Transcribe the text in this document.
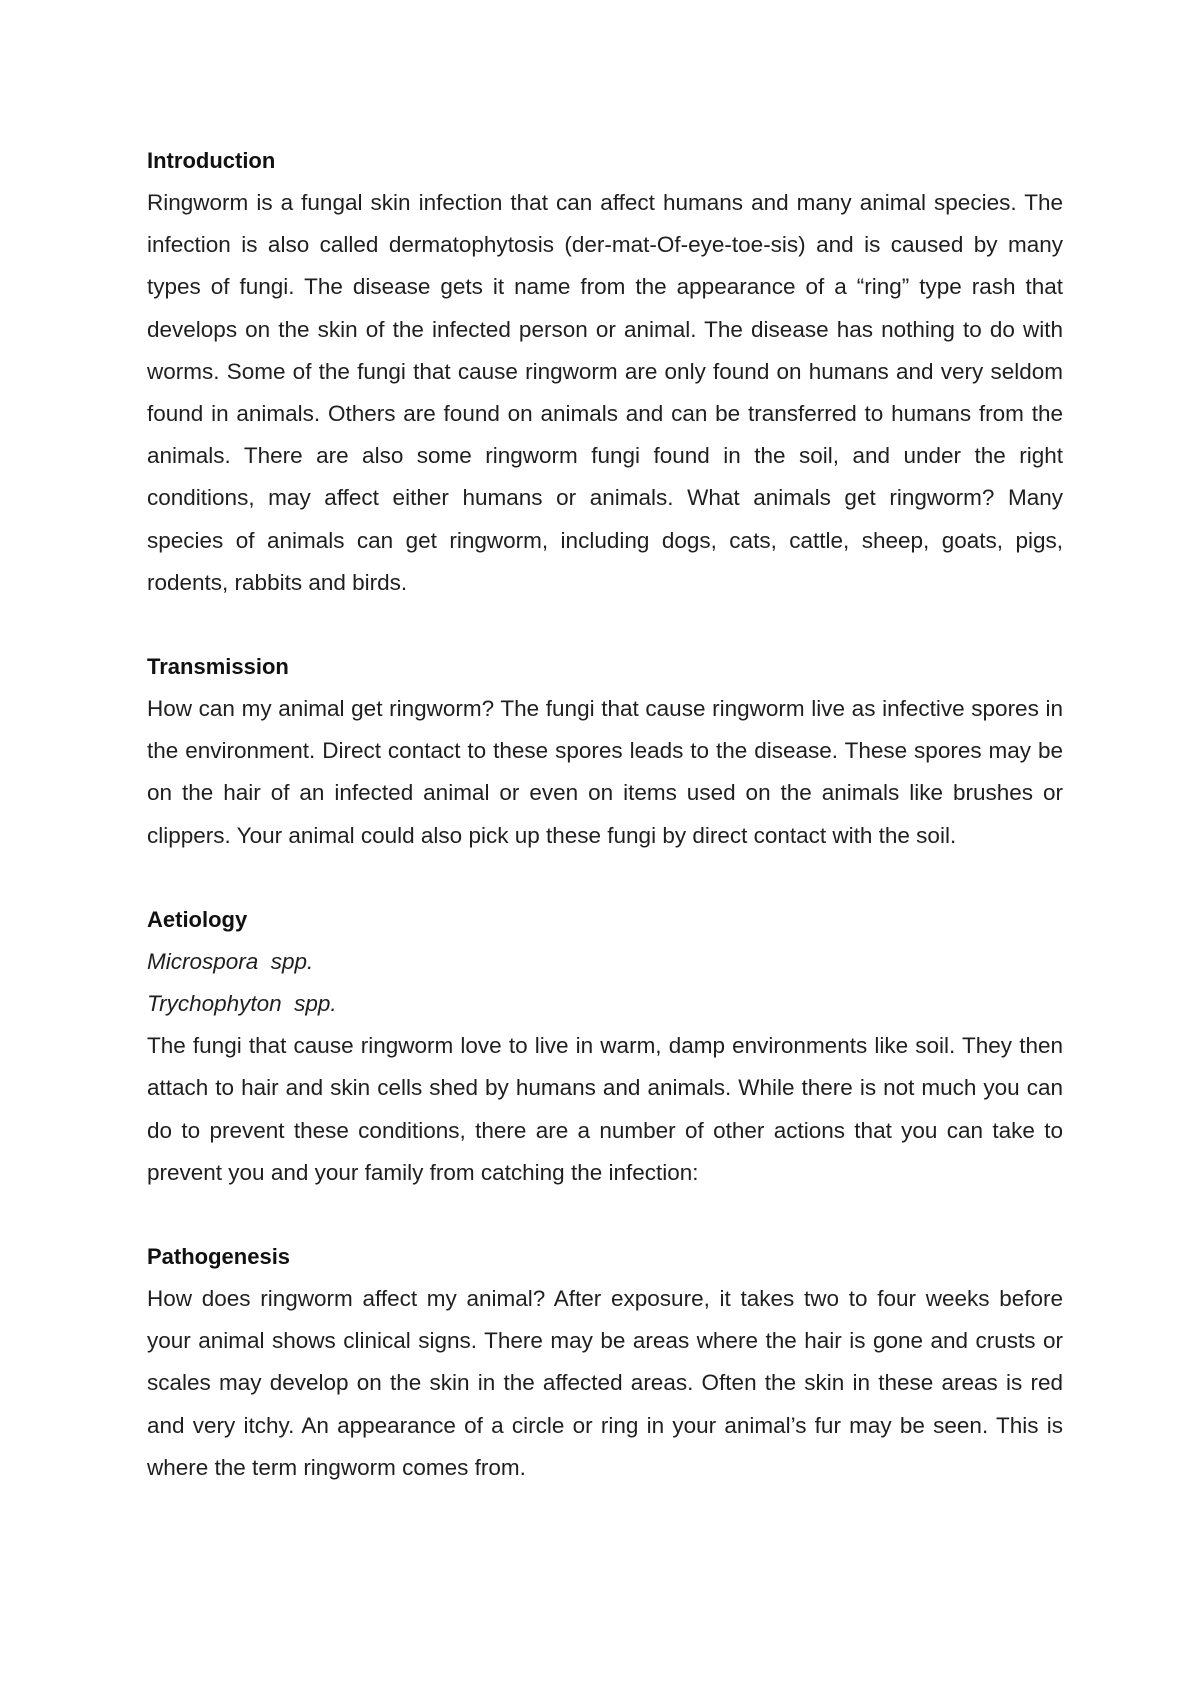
Introduction

Ringworm is a fungal skin infection that can affect humans and many animal species. The infection is also called dermatophytosis (der-mat-Of-eye-toe-sis) and is caused by many types of fungi. The disease gets it name from the appearance of a “ring” type rash that develops on the skin of the infected person or animal. The disease has nothing to do with worms. Some of the fungi that cause ringworm are only found on humans and very seldom found in animals. Others are found on animals and can be transferred to humans from the animals. There are also some ringworm fungi found in the soil, and under the right conditions, may affect either humans or animals. What animals get ringworm? Many species of animals can get ringworm, including dogs, cats, cattle, sheep, goats, pigs, rodents, rabbits and birds.

Transmission

How can my animal get ringworm? The fungi that cause ringworm live as infective spores in the environment. Direct contact to these spores leads to the disease. These spores may be on the hair of an infected animal or even on items used on the animals like brushes or clippers. Your animal could also pick up these fungi by direct contact with the soil.

Aetiology

Microspora  spp.

Trychophyton  spp.

The fungi that cause ringworm love to live in warm, damp environments like soil. They then attach to hair and skin cells shed by humans and animals. While there is not much you can do to prevent these conditions, there are a number of other actions that you can take to prevent you and your family from catching the infection:

Pathogenesis

How does ringworm affect my animal? After exposure, it takes two to four weeks before your animal shows clinical signs. There may be areas where the hair is gone and crusts or scales may develop on the skin in the affected areas. Often the skin in these areas is red and very itchy. An appearance of a circle or ring in your animal’s fur may be seen. This is where the term ringworm comes from.
